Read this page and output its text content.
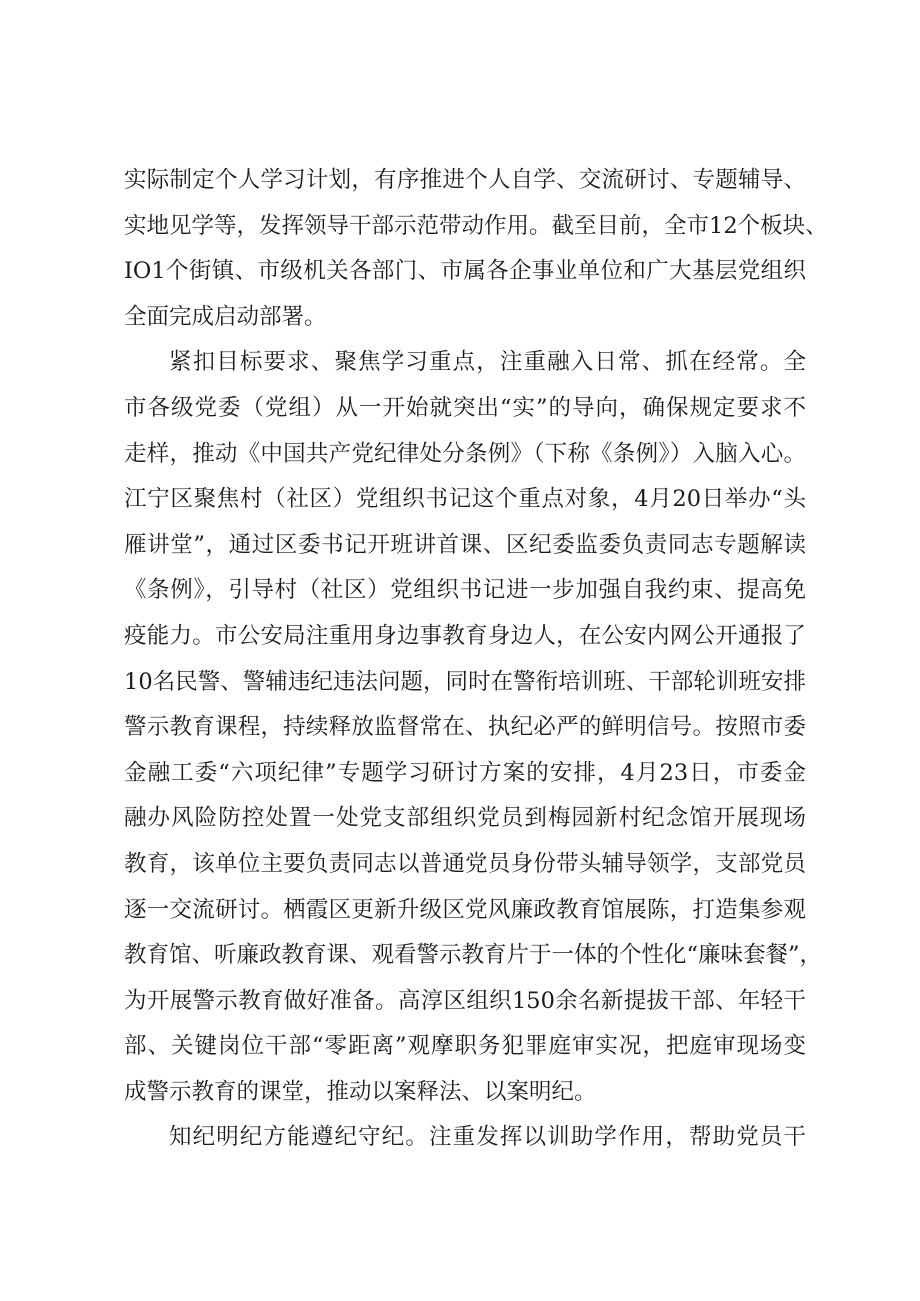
实际制定个人学习计划，有序推进个人自学、交流研讨、专题辅导、
实地见学等，发挥领导干部示范带动作用。截至目前，全市12个板块、
IO1个街镇、市级机关各部门、市属各企事业单位和广大基层党组织
全面完成启动部署。
紧扣目标要求、聚焦学习重点，注重融入日常、抓在经常。全
市各级党委（党组）从一开始就突出“实”的导向，确保规定要求不
走样，推动《中国共产党纪律处分条例》（下称《条例》）入脑入心。
江宁区聚焦村（社区）党组织书记这个重点对象，4月20日举办“头
雁讲堂”，通过区委书记开班讲首课、区纪委监委负责同志专题解读
《条例》，引导村（社区）党组织书记进一步加强自我约束、提高免
疫能力。市公安局注重用身边事教育身边人，在公安内网公开通报了
10名民警、警辅违纪违法问题，同时在警衔培训班、干部轮训班安排
警示教育课程，持续释放监督常在、执纪必严的鲜明信号。按照市委
金融工委“六项纪律”专题学习研讨方案的安排，4月23日，市委金
融办风险防控处置一处党支部组织党员到梅园新村纪念馆开展现场
教育，该单位主要负责同志以普通党员身份带头辅导领学，支部党员
逐一交流研讨。栖霞区更新升级区党风廉政教育馆展陈，打造集参观
教育馆、听廉政教育课、观看警示教育片于一体的个性化“廉味套餐”，
为开展警示教育做好准备。高淳区组织150余名新提拔干部、年轻干
部、关键岗位干部“零距离”观摩职务犯罪庭审实况，把庭审现场变
成警示教育的课堂，推动以案释法、以案明纪。
知纪明纪方能遵纪守纪。注重发挥以训助学作用，帮助党员干
